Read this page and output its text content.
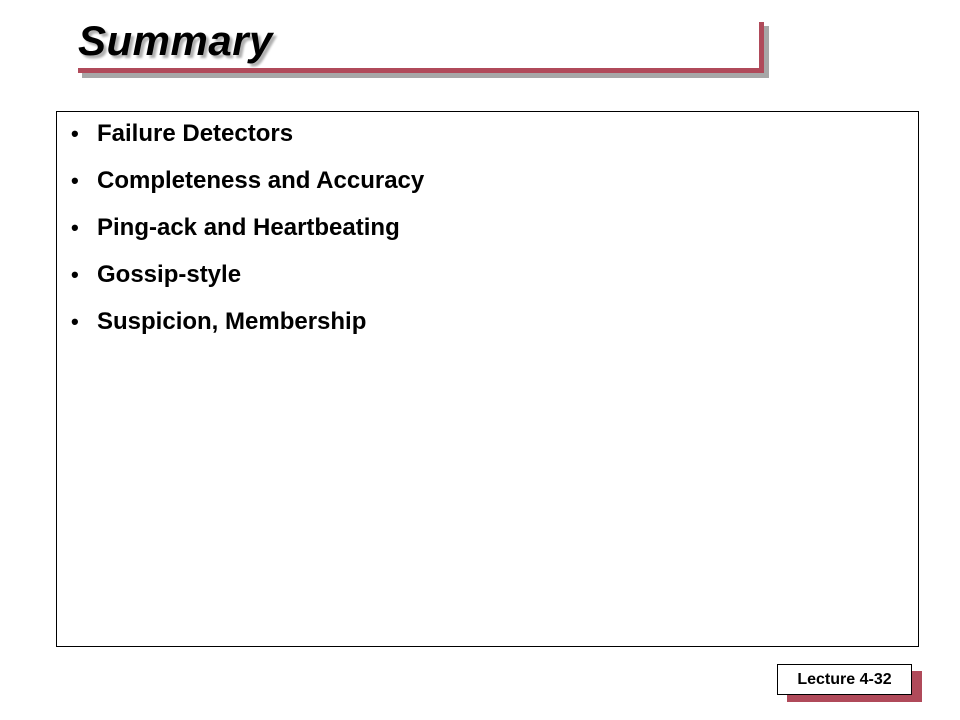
Summary
• Failure Detectors
• Completeness and Accuracy
• Ping-ack and Heartbeating
• Gossip-style
• Suspicion, Membership
Lecture 4-32
